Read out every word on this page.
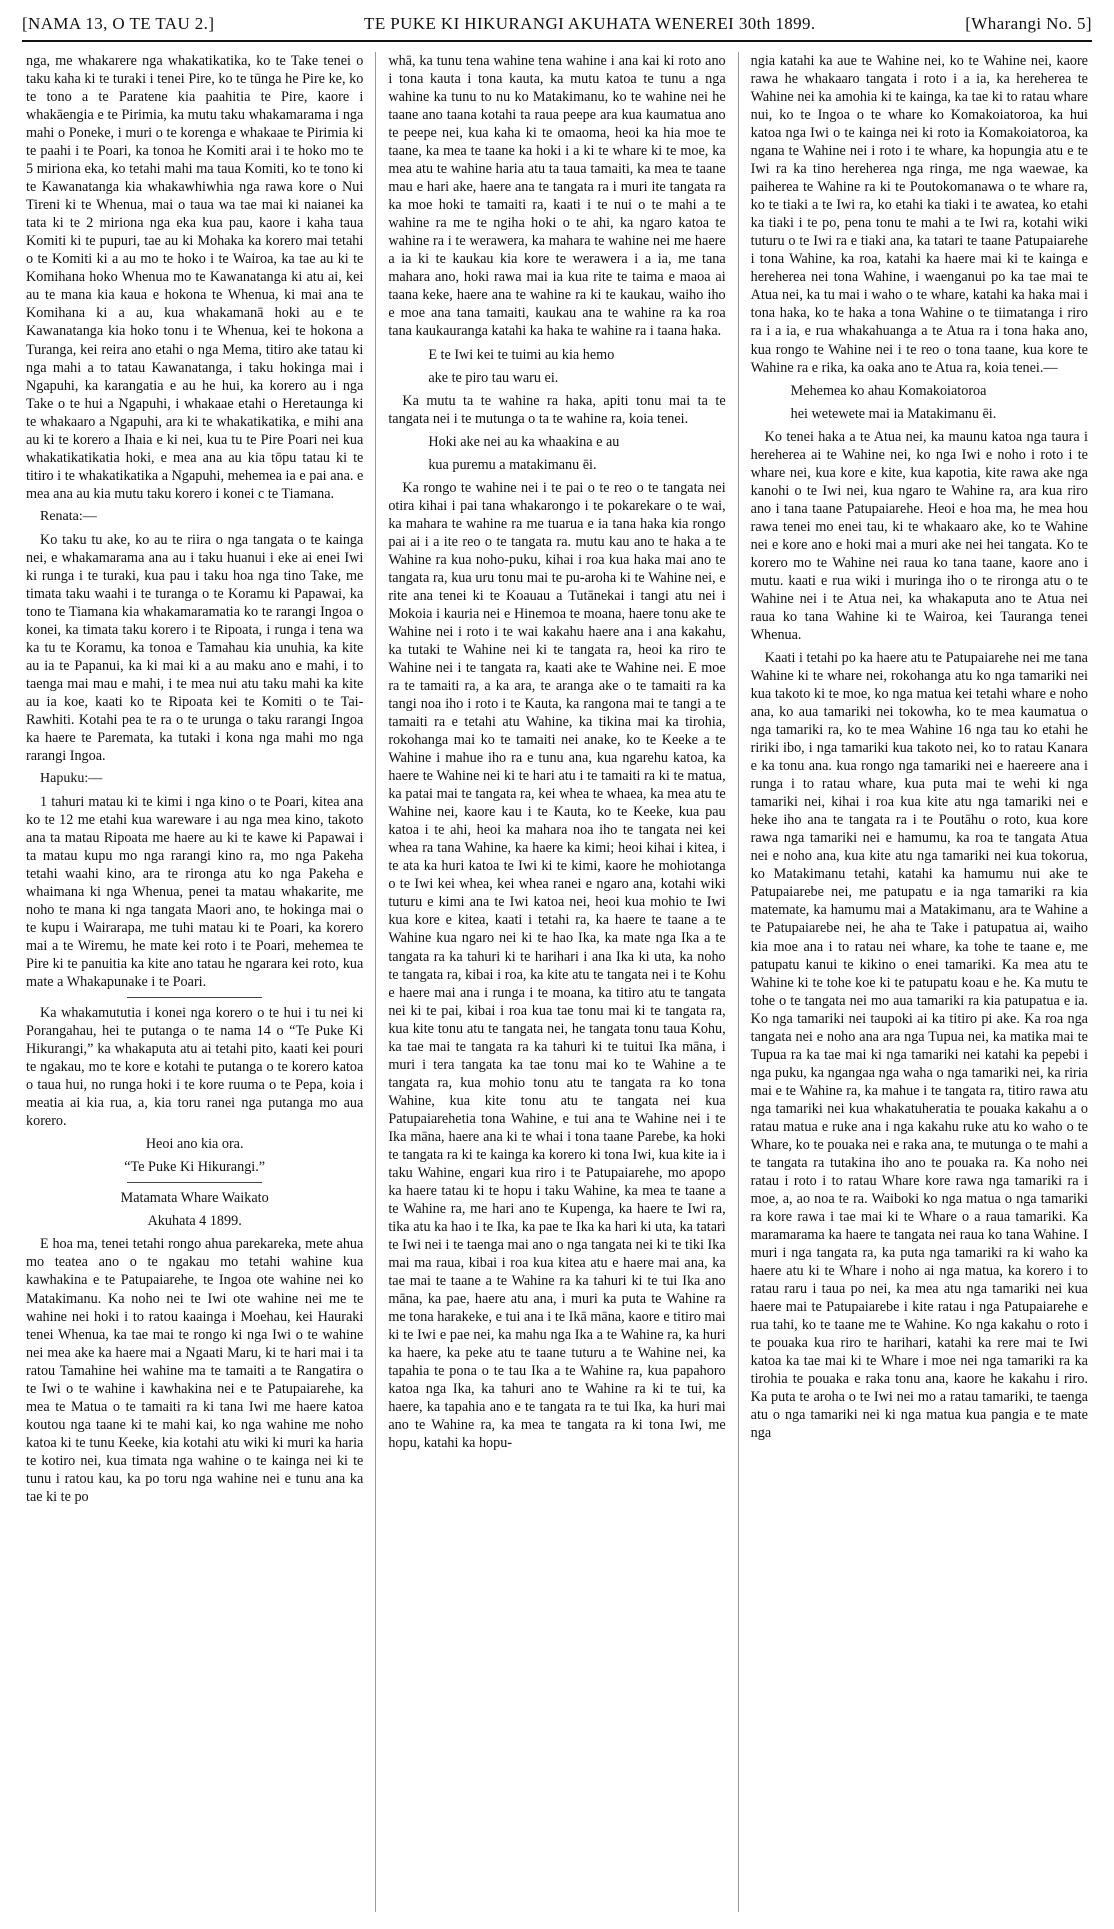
[NAMA 13, O TE TAU 2.]	TE PUKE KI HIKURANGI AKUHATA WENEREI 30th 1899.	[Wharangi No. 5]

nga, me whakarere nga whakatikatika, ko te Take tenei o taku kaha ki te turaki i tenei Pire, ko te tūnga he Pire ke, ko te tono a te Paratene kia paahitia te Pire, kaore i whakāengia e te Pirimia, ka mutu taku whakamarama i nga mahi o Poneke, i muri o te korenga e whakaae te Pirimia ki te paahi i te Poari, ka tonoa he Komiti arai i te hoko mo te 5 miriona eka, ko tetahi mahi ma taua Komiti, ko te tono ki te Kawanatanga kia whakawhiwhia nga rawa kore o Nui Tireni ki te Whenua, mai o taua wa tae mai ki naianei ka tata ki te 2 miriona nga eka kua pau, kaore i kaha taua Komiti ki te pupuri, tae au ki Mohaka ka korero mai tetahi o te Komiti ki a au mo te hoko i te Wairoa, ka tae au ki te Komihana hoko Whenua mo te Kawanatanga ki atu ai, kei au te mana kia kaua e hokona te Whenua, ki mai ana te Komihana ki a au, kua whakamanā hoki au e te Kawanatanga kia hoko tonu i te Whenua, kei te hokona a Turanga, kei reira ano etahi o nga Mema, titiro ake tatau ki nga mahi a to tatau Kawanatanga, i taku hokinga mai i Ngapuhi, ka karangatia e au he hui, ka korero au i nga Take o te hui a Ngapuhi, i whakaae etahi o Heretaunga ki te whakaaro a Ngapuhi, ara ki te whakatikatika, e mihi ana au ki te korero a Ihaia e ki nei, kua tu te Pire Poari nei kua whakatikatikatia hoki, e mea ana au kia tōpu tatau ki te titiro i te whakatikatika a Ngapuhi, mehemea ia e pai ana. e mea ana au kia mutu taku korero i konei c te Tiamana.

Renata:—

Ko taku tu ake, ko au te riira o nga tangata o te kainga nei, e whakamarama ana au i taku huanui i eke ai enei Iwi ki runga i te turaki, kua pau i taku hoa nga tino Take, me timata taku waahi i te turanga o te Koramu ki Papawai, ka tono te Tiamana kia whakamaramatia ko te rarangi Ingoa o konei, ka timata taku korero i te Ripoata, i runga i tena wa ka tu te Koramu, ka tonoa e Tamahau kia unuhia, ka kite au ia te Papanui, ka ki mai ki a au maku ano e mahi, i to taenga mai mau e mahi, i te mea nui atu taku mahi ka kite au ia koe, kaati ko te Ripoata kei te Komiti o te Tai-Rawhiti. Kotahi pea te ra o te urunga o taku rarangi Ingoa ka haere te Paremata, ka tutaki i kona nga mahi mo nga rarangi Ingoa.

Hapuku:—

1 tahuri matau ki te kimi i nga kino o te Poari, kitea ana ko te 12 me etahi kua wareware i au nga mea kino, takoto ana ta matau Ripoata me haere au ki te kawe ki Papawai i ta matau kupu mo nga rarangi kino ra, mo nga Pakeha tetahi waahi kino, ara te rironga atu ko nga Pakeha e whaimana ki nga Whenua, penei ta matau whakarite, me noho te mana ki nga tangata Maori ano, te hokinga mai o te kupu i Wairarapa, me tuhi matau ki te Poari, ka korero mai a te Wiremu, he mate kei roto i te Poari, mehemea te Pire ki te panuitia ka kite ano tatau he ngarara kei roto, kua mate a Whakapunake i te Poari.

Ka whakamututia i konei nga korero o te hui i tu nei ki Porangahau, hei te putanga o te nama 14 o “Te Puke Ki Hikurangi,” ka whakaputa atu ai tetahi pito, kaati kei pouri te ngakau, mo te kore e kotahi te putanga o te korero katoa o taua hui, no runga hoki i te kore ruuma o te Pepa, koia i meatia ai kia rua, a, kia toru ranei nga putanga mo aua korero.

Heoi ano kia ora.

“Te Puke Ki Hikurangi.”

Matamata Whare Waikato

Akuhata 4 1899.

E hoa ma, tenei tetahi rongo ahua parekareka, mete ahua mo teatea ano o te ngakau mo tetahi wahine kua kawhakina e te Patupaiarehe, te Ingoa ote wahine nei ko Matakimanu. Ka noho nei te Iwi ote wahine nei me te wahine nei hoki i to ratou kaainga i Moehau, kei Hauraki tenei Whenua, ka tae mai te rongo ki nga Iwi o te wahine nei mea ake ka haere mai a Ngaati Maru, ki te hari mai i ta ratou Tamahine hei wahine ma te tamaiti a te Rangatira o te Iwi o te wahine i kawhakina nei e te Patupaiarehe, ka mea te Matua o te tamaiti ra ki tana Iwi me haere katoa koutou nga taane ki te mahi kai, ko nga wahine me noho katoa ki te tunu Keeke, kia kotahi atu wiki ki muri ka haria te kotiro nei, kua timata nga wahine o te kainga nei ki te tunu i ratou kau, ka po toru nga wahine nei e tunu ana ka tae ki te po

whā, ka tunu tena wahine tena wahine i ana kai ki roto ano i tona kauta i tona kauta, ka mutu katoa te tunu a nga wahine ka tunu to nu ko Matakimanu, ko te wahine nei he taane ano taana kotahi ta raua peepe ara kua kaumatua ano te peepe nei, kua kaha ki te omaoma, heoi ka hia moe te taane, ka mea te taane ka hoki i a ki te whare ki te moe, ka mea atu te wahine haria atu ta taua tamaiti, ka mea te taane mau e hari ake, haere ana te tangata ra i muri ite tangata ra ka moe hoki te tamaiti ra, kaati i te nui o te mahi a te wahine ra me te ngiha hoki o te ahi, ka ngaro katoa te wahine ra i te werawera, ka mahara te wahine nei me haere a ia ki te kaukau kia kore te werawera i a ia, me tana mahara ano, hoki rawa mai ia kua rite te taima e maoa ai taana keke, haere ana te wahine ra ki te kaukau, waiho iho e moe ana tana tamaiti, kaukau ana te wahine ra ka roa tana kaukauranga katahi ka haka te wahine ra i taana haka.

E te Iwi kei te tuimi au kia hemo

ake te piro tau waru ei.

Ka mutu ta te wahine ra haka, apiti tonu mai ta te tangata nei i te mutunga o ta te wahine ra, koia tenei.

Hoki ake nei au ka whaakina e au

kua puremu a matakimanu ēi.

Ka rongo te wahine nei i te pai o te reo o te tangata nei otira kihai i pai tana whakarongo i te pokarekare o te wai, ka mahara te wahine ra me tuarua e ia tana haka kia rongo pai ai i a ite reo o te tangata ra. mutu kau ano te haka a te Wahine ra kua noho-puku, kihai i roa kua haka mai ano te tangata ra, kua uru tonu mai te pu-aroha ki te Wahine nei, e rite ana tenei ki te Koauau a Tutānekai i tangi atu nei i Mokoia i kauria nei e Hinemoa te moana, haere tonu ake te Wahine nei i roto i te wai kakahu haere ana i ana kakahu, ka tutaki te Wahine nei ki te tangata ra, heoi ka riro te Wahine nei i te tangata ra, kaati ake te Wahine nei. E moe ra te tamaiti ra, a ka ara, te aranga ake o te tamaiti ra ka tangi noa iho i roto i te Kauta, ka rangona mai te tangi a te tamaiti ra e tetahi atu Wahine, ka tikina mai ka tirohia, rokohanga mai ko te tamaiti nei anake, ko te Keeke a te Wahine i mahue iho ra e tunu ana, kua ngarehu katoa, ka haere te Wahine nei ki te hari atu i te tamaiti ra ki te matua, ka patai mai te tangata ra, kei whea te whaea, ka mea atu te Wahine nei, kaore kau i te Kauta, ko te Keeke, kua pau katoa i te ahi, heoi ka mahara noa iho te tangata nei kei whea ra tana Wahine, ka haere ka kimi; heoi kihai i kitea, i te ata ka huri katoa te Iwi ki te kimi, kaore he mohiotanga o te Iwi kei whea, kei whea ranei e ngaro ana, kotahi wiki tuturu e kimi ana te Iwi katoa nei, heoi kua mohio te Iwi kua kore e kitea, kaati i tetahi ra, ka haere te taane a te Wahine kua ngaro nei ki te hao Ika, ka mate nga Ika a te tangata ra ka tahuri ki te harihari i ana Ika ki uta, ka noho te tangata ra, kibai i roa, ka kite atu te tangata nei i te Kohu e haere mai ana i runga i te moana, ka titiro atu te tangata nei ki te pai, kibai i roa kua tae tonu mai ki te tangata ra, kua kite tonu atu te tangata nei, he tangata tonu taua Kohu, ka tae mai te tangata ra ka tahuri ki te tuitui Ika māna, i muri i tera tangata ka tae tonu mai ko te Wahine a te tangata ra, kua mohio tonu atu te tangata ra ko tona Wahine, kua kite tonu atu te tangata nei kua Patupaiarehetia tona Wahine, e tui ana te Wahine nei i te Ika māna, haere ana ki te whai i tona taane Parebe, ka hoki te tangata ra ki te kainga ka korero ki tona Iwi, kua kite ia i taku Wahine, engari kua riro i te Patupaiarehe, mo apopo ka haere tatau ki te hopu i taku Wahine, ka mea te taane a te Wahine ra, me hari ano te Kupenga, ka haere te Iwi ra, tika atu ka hao i te Ika, ka pae te Ika ka hari ki uta, ka tatari te Iwi nei i te taenga mai ano o nga tangata nei ki te tiki Ika mai ma raua, kibai i roa kua kitea atu e haere mai ana, ka tae mai te taane a te Wahine ra ka tahuri ki te tui Ika ano māna, ka pae, haere atu ana, i muri ka puta te Wahine ra me tona harakeke, e tui ana i te Ikā māna, kaore e titiro mai ki te Iwi e pae nei, ka mahu nga Ika a te Wahine ra, ka huri ka haere, ka peke atu te taane tuturu a te Wahine nei, ka tapahia te pona o te tau Ika a te Wahine ra, kua papahoro katoa nga Ika, ka tahuri ano te Wahine ra ki te tui, ka haere, ka tapahia ano e te tangata ra te tui Ika, ka huri mai ano te Wahine ra, ka mea te tangata ra ki tona Iwi, me hopu, katahi ka hopu-

ngia katahi ka aue te Wahine nei, ko te Wahine nei, kaore rawa he whakaaro tangata i roto i a ia, ka hereherea te Wahine nei ka amohia ki te kainga, ka tae ki to ratau whare nui, ko te Ingoa o te whare ko Komakoiatoroa, ka hui katoa nga Iwi o te kainga nei ki roto ia Komakoiatoroa, ka ngana te Wahine nei i roto i te whare, ka hopungia atu e te Iwi ra ka tino hereherea nga ringa, me nga waewae, ka paiherea te Wahine ra ki te Poutokomanawa o te whare ra, ko te tiaki a te Iwi ra, ko etahi ka tiaki i te awatea, ko etahi ka tiaki i te po, pena tonu te mahi a te Iwi ra, kotahi wiki tuturu o te Iwi ra e tiaki ana, ka tatari te taane Patupaiarehe i tona Wahine, ka roa, katahi ka haere mai ki te kainga e hereherea nei tona Wahine, i waenganui po ka tae mai te Atua nei, ka tu mai i waho o te whare, katahi ka haka mai i tona haka, ko te haka a tona Wahine o te tiimatanga i riro ra i a ia, e rua whakahuanga a te Atua ra i tona haka ano, kua rongo te Wahine nei i te reo o tona taane, kua kore te Wahine ra e rika, ka oaka ano te Atua ra, koia tenei.—

Mehemea ko ahau Komakoiatoroa

hei wetewete mai ia Matakimanu ēi.

Ko tenei haka a te Atua nei, ka maunu katoa nga taura i hereherea ai te Wahine nei, ko nga Iwi e noho i roto i te whare nei, kua kore e kite, kua kapotia, kite rawa ake nga kanohi o te Iwi nei, kua ngaro te Wahine ra, ara kua riro ano i tana taane Patupaiarehe. Heoi e hoa ma, he mea hou rawa tenei mo enei tau, ki te whakaaro ake, ko te Wahine nei e kore ano e hoki mai a muri ake nei hei tangata. Ko te korero mo te Wahine nei raua ko tana taane, kaore ano i mutu. kaati e rua wiki i muringa iho o te rironga atu o te Wahine nei i te Atua nei, ka whakaputa ano te Atua nei raua ko tana Wahine ki te Wairoa, kei Tauranga tenei Whenua.

Kaati i tetahi po ka haere atu te Patupaiarehe nei me tana Wahine ki te whare nei, rokohanga atu ko nga tamariki nei kua takoto ki te moe, ko nga matua kei tetahi whare e noho ana, ko aua tamariki nei tokowha, ko te mea kaumatua o nga tamariki ra, ko te mea Wahine 16 nga tau ko etahi he ririki ibo, i nga tamariki kua takoto nei, ko to ratau Kanara e ka tonu ana. kua rongo nga tamariki nei e haereere ana i runga i to ratau whare, kua puta mai te wehi ki nga tamariki nei, kihai i roa kua kite atu nga tamariki nei e heke iho ana te tangata ra i te Poutāhu o roto, kua kore rawa nga tamariki nei e hamumu, ka roa te tangata Atua nei e noho ana, kua kite atu nga tamariki nei kua tokorua, ko Matakimanu tetahi, katahi ka hamumu nui ake te Patupaiarebe nei, me patupatu e ia nga tamariki ra kia matemate, ka hamumu mai a Matakimanu, ara te Wahine a te Patupaiarebe nei, he aha te Take i patupatua ai, waiho kia moe ana i to ratau nei whare, ka tohe te taane e, me patupatu kanui te kikino o enei tamariki. Ka mea atu te Wahine ki te tohe koe ki te patupatu koau e he. Ka mutu te tohe o te tangata nei mo aua tamariki ra kia patupatua e ia. Ko nga tamariki nei taupoki ai ka titiro pi ake. Ka roa nga tangata nei e noho ana ara nga Tupua nei, ka matika mai te Tupua ra ka tae mai ki nga tamariki nei katahi ka pepebi i nga puku, ka ngangaa nga waha o nga tamariki nei, ka riria mai e te Wahine ra, ka mahue i te tangata ra, titiro rawa atu nga tamariki nei kua whakatuheratia te pouaka kakahu a o ratau matua e ruke ana i nga kakahu ruke atu ko waho o te Whare, ko te pouaka nei e raka ana, te mutunga o te mahi a te tangata ra tutakina iho ano te pouaka ra. Ka noho nei ratau i roto i to ratau Whare kore rawa nga tamariki ra i moe, a, ao noa te ra. Waiboki ko nga matua o nga tamariki ra kore rawa i tae mai ki te Whare o a raua tamariki. Ka maramarama ka haere te tangata nei raua ko tana Wahine. I muri i nga tangata ra, ka puta nga tamariki ra ki waho ka haere atu ki te Whare i noho ai nga matua, ka korero i to ratau raru i taua po nei, ka mea atu nga tamariki nei kua haere mai te Patupaiarebe i kite ratau i nga Patupaiarehe e rua tahi, ko te taane me te Wahine. Ko nga kakahu o roto i te pouaka kua riro te harihari, katahi ka rere mai te Iwi katoa ka tae mai ki te Whare i moe nei nga tamariki ra ka tirohia te pouaka e raka tonu ana, kaore he kakahu i riro. Ka puta te aroha o te Iwi nei mo a ratau tamariki, te taenga atu o nga tamariki nei ki nga matua kua pangia e te mate nga
